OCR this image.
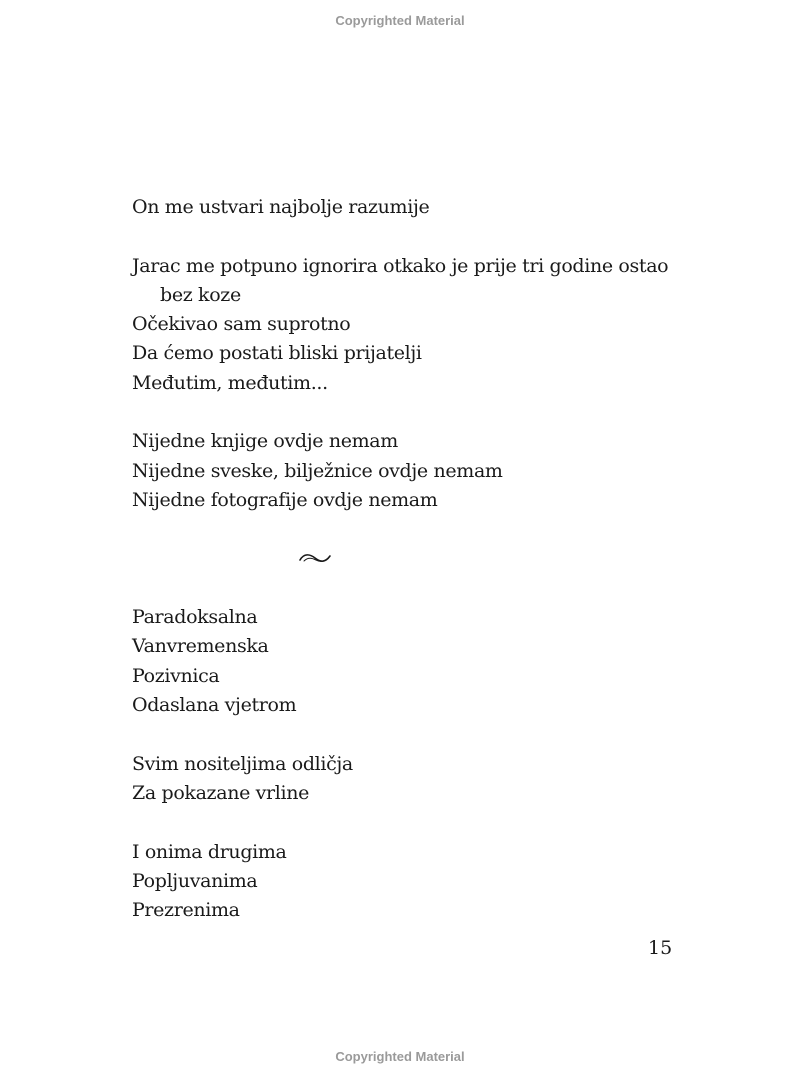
Copyrighted Material
On me ustvari najbolje razumije
Jarac me potpuno ignorira otkako je prije tri godine ostao
bez koze
Očekivao sam suprotno
Da ćemo postati bliski prijatelji
Međutim, međutim...
Nijedne knjige ovdje nemam
Nijedne sveske, bilježnice ovdje nemam
Nijedne fotografije ovdje nemam
Paradoksalna
Vanvremenska
Pozivnica
Odaslana vjetrom
Svim nositeljima odličja
Za pokazane vrline
I onima drugima
Popljuvanima
Prezrenima
15
Copyrighted Material
